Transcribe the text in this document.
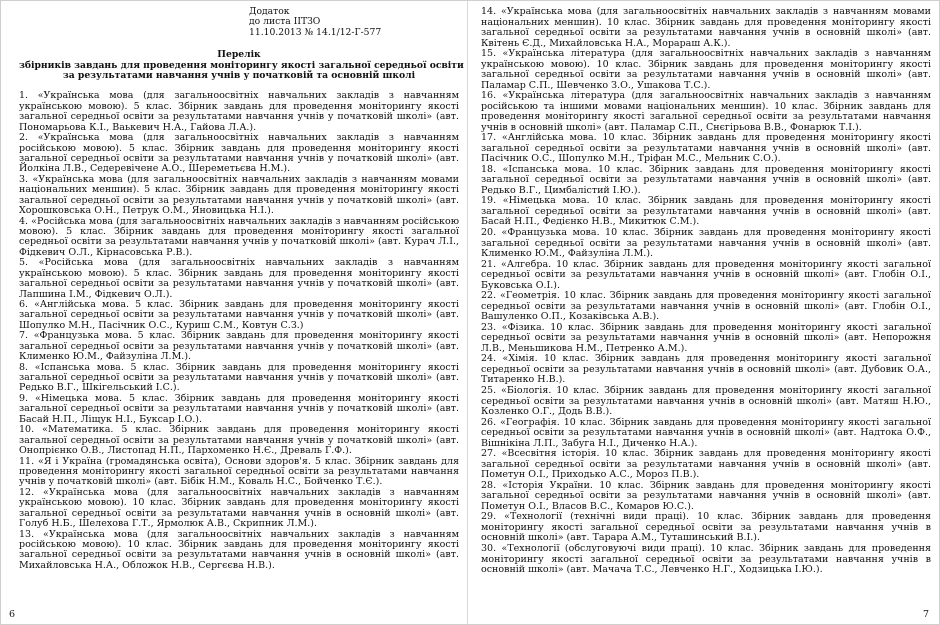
Додаток
до листа ІІТЗО
11.10.2013 № 14.1/12-Г-577
Перелік
збірників завдань для проведення моніторингу якості загальної середньої освіти
за результатами навчання учнів у початковій та основній школі
1. «Українська мова (для загальноосвітніх навчальних закладів з навчанням українською мовою). 5 клас. Збірник завдань для проведення моніторингу якості загальної середньої освіти за результатами навчання учнів у початковій школі» (авт. Пономарьова К.І., Ваькевич Н.А., Гайова Л.А.).
2. «Українська мова (для загальноосвітніх навчальних закладів з навчанням російською мовою). 5 клас. Збірник завдань для проведення моніторингу якості загальної середньої освіти за результатами навчання учнів у початковій школі» (авт. Йолкіна Л.В., Седеревічене А.О., Шереметьєва Н.М.).
3. «Українська мова (для загальноосвітніх навчальних закладів з навчанням мовами національних меншин). 5 клас. Збірник завдань для проведення моніторингу якості загальної середньої освіти за результатами навчання учнів у початковій школі» (авт. Хорошковська О.Н., Петрук О.М., Яновицька Н.І.).
4. «Російська мова (для загальноосвітніх навчальних закладів з навчанням російською мовою). 5 клас. Збірник завдань для проведення моніторингу якості загальної середньої освіти за результатами навчання учнів у початковій школі» (авт. Курач Л.І., Фідкевич О.Л., Кірнасовська Р.В.).
5. «Російська мова (для загальноосвітніх навчальних закладів з навчанням українською мовою). 5 клас. Збірник завдань для проведення моніторингу якості загальної середньої освіти за результатами навчання учнів у початковій школі» (авт. Лапшина І.М., Фідкевич О.Л.).
6. «Англійська мова. 5 клас. Збірник завдань для проведення моніторингу якості загальної середньої освіти за результатами навчання учнів у початковій школі» (авт. Шопулко М.Н., Пасічник О.С., Куриш С.М., Ковтун С.З.)
7. «Французька мова. 5 клас. Збірник завдань для проведення моніторингу якості загальної середньої освіти за результатами навчання учнів у початковій школі» (авт. Клименко Ю.М., Файзуліна Л.М.).
8. «Іспанська мова. 5 клас. Збірник завдань для проведення моніторингу якості загальної середньої освіти за результатами навчання учнів у початковій школі» (авт. Редько В.Г., Шкігельський І.С.).
9. «Німецька мова. 5 клас. Збірник завдань для проведення моніторингу якості загальної середньої освіти за результатами навчання учнів у початковій школі» (авт. Басай Н.П., Ліщук Н.І., Буксар І.О.).
10. «Математика. 5 клас. Збірник завдань для проведення моніторингу якості загальної середньої освіти за результатами навчання учнів у початковій школі» (авт. Онопрієнко О.В., Листопад Н.П., Пархоменко Н.Є., Древаль Г.Ф.).
11. «Я і Україна (громадянська освіта), Основи здоров'я. 5 клас. Збірник завдань для проведення моніторингу якості загальної середньої освіти за результатами навчання учнів у початковій школі» (авт. Бібік Н.М., Коваль Н.С., Бойченко Т.Є.).
12. «Українська мова (для загальноосвітніх навчальних закладів з навчанням українською мовою). 10 клас. Збірник завдань для проведення моніторингу якості загальної середньої освіти за результатами навчання учнів в основній школі» (авт. Голуб Н.Б., Шелехова Г.Т., Ярмолюк А.В., Скрипник Л.М.).
13. «Українська мова (для загальноосвітніх навчальних закладів з навчанням російською мовою). 10 клас. Збірник завдань для проведення моніторингу якості загальної середньої освіти за результатами навчання учнів в основній школі» (авт. Михайловська Н.А., Обложок Н.В., Сергєєва Н.В.).
6
14. «Українська мова (для загальноосвітніх навчальних закладів з навчанням мовами національних меншин). 10 клас. Збірник завдань для проведення моніторингу якості загальної середньої освіти за результатами навчання учнів в основній школі» (авт. Квітень Є.Д., Михайловська Н.А., Морараш А.К.).
15. «Українська література (для загальноосвітніх навчальних закладів з навчанням українською мовою). 10 клас. Збірник завдань для проведення моніторингу якості загальної середньої освіти за результатами навчання учнів в основній школі» (авт. Паламар С.П., Шевченко З.О., Ушакова Т.С.).
16. «Українська література (для загальноосвітніх навчальних закладів з навчанням російською та іншими мовами національних меншин). 10 клас. Збірник завдань для проведення моніторингу якості загальної середньої освіти за результатами навчання учнів в основній школі» (авт. Паламар С.П., Снєгірьова В.В., Фонарюк Т.І.).
17. «Англійська мова. 10 клас. Збірник завдань для проведення моніторингу якості загальної середньої освіти за результатами навчання учнів в основній школі» (авт. Пасічник О.С., Шопулко М.Н., Тріфан М.С., Мельник С.О.).
18. «Іспанська мова. 10 клас. Збірник завдань для проведення моніторингу якості загальної середньої освіти за результатами навчання учнів в основній школі» (авт. Редько В.Г., Цимбалістий І.Ю.).
19. «Німецька мова. 10 клас. Збірник завдань для проведення моніторингу якості загальної середньої освіти за результатами навчання учнів в основній школі» (авт. Басай Н.П., Федієнко Н.В., Микитюк С.М.).
20. «Французька мова. 10 клас. Збірник завдань для проведення моніторингу якості загальної середньої освіти за результатами навчання учнів в основній школі» (авт. Клименко Ю.М., Файзуліна Л.М.).
21. «Алгебра. 10 клас. Збірник завдань для проведення моніторингу якості загальної середньої освіти за результатами навчання учнів в основній школі» (авт. Глобін О.І., Буковська О.І.).
22. «Геометрія. 10 клас. Збірник завдань для проведення моніторингу якості загальної середньої освіти за результатами навчання учнів в основній школі» (авт. Глобін О.І., Вашуленко О.П., Козаківська А.В.).
23. «Фізика. 10 клас. Збірник завдань для проведення моніторингу якості загальної середньої освіти за результатами навчання учнів в основній школі» (авт. Непорожня Л.В., Меньшикова Н.М., Петренко А.М.).
24. «Хімія. 10 клас. Збірник завдань для проведення моніторингу якості загальної середньої освіти за результатами навчання учнів в основній школі» (авт. Дубовик О.А., Титаренко Н.В.).
25. «Біологія. 10 клас. Збірник завдань для проведення моніторингу якості загальної середньої освіти за результатами навчання учнів в основній школі» (авт. Матяш Н.Ю., Козленко О.Г., Додь В.В.).
26. «Географія. 10 клас. Збірник завдань для проведення моніторингу якості загальної середньої освіти за результатами навчання учнів в основній школі» (авт. Надтока О.Ф., Вішнікіна Л.П., Забуга Н.І., Диченко Н.А.).
27. «Всесвітня історія. 10 клас. Збірник завдань для проведення моніторингу якості загальної середньої освіти за результатами навчання учнів в основній школі» (авт. Пометун О.І., Приходько А.С., Мороз П.В.).
28. «Історія України. 10 клас. Збірник завдань для проведення моніторингу якості загальної середньої освіти за результатами навчання учнів в основній школі» (авт. Пометун О.І., Власов В.С., Комаров Ю.С.).
29. «Технології (технічні види праці). 10 клас. Збірник завдань для проведення моніторингу якості загальної середньої освіти за результатами навчання учнів в основній школі» (авт. Тарара А.М., Туташинський В.І.).
30. «Технології (обслуговуючі види праці). 10 клас. Збірник завдань для проведення моніторингу якості загальної середньої освіти за результатами навчання учнів в основній школі» (авт. Мачача Т.С., Левченко Н.Г., Ходзицька І.Ю.).
7
